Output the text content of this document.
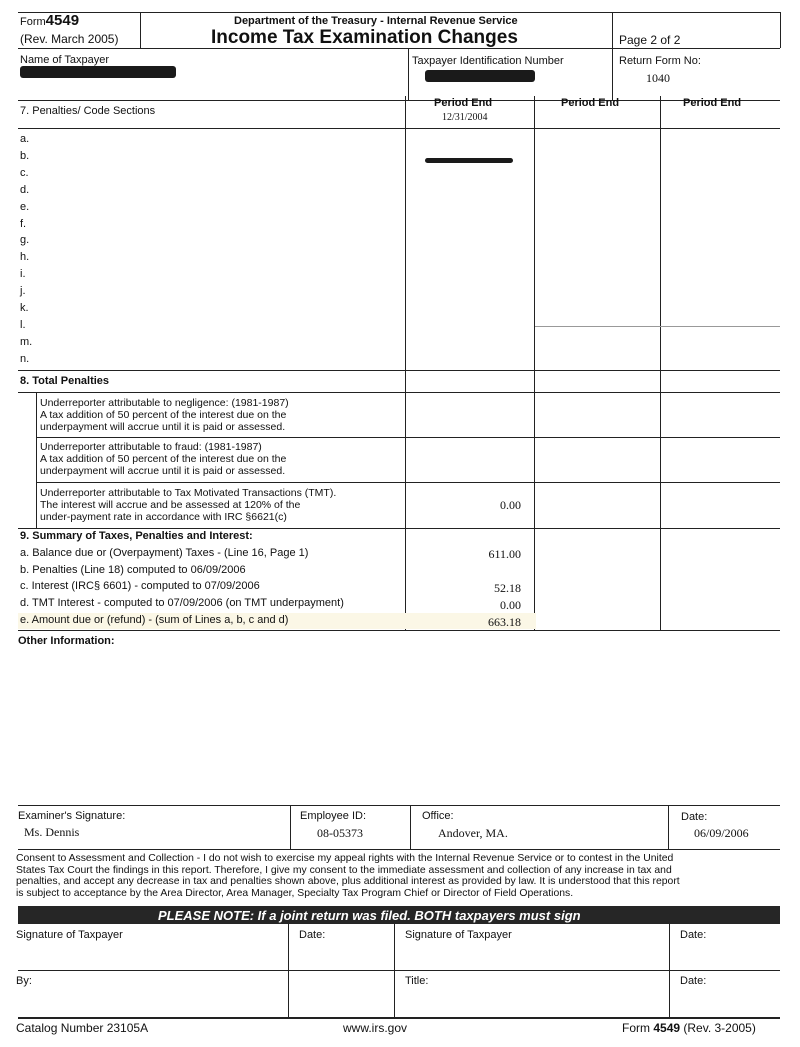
Form4549
(Rev. March 2005)
Department of the Treasury - Internal Revenue Service
Income Tax Examination Changes	Page 2 of 2
Name of Taxpayer	Taxpayer Identification Number	Return Form No:
1040
7. Penalties/ Code Sections
Period End
12/31/2004
Period End	Period End
a.
b.
c.
d.
e.
f.
g.
h.
i.
j.
k.
l.
m.
n.
8. Total Penalties
Underreporter attributable to negligence: (1981-1987)
A tax addition of 50 percent of the interest due on the
underpayment will accrue until it is paid or assessed.
Underreporter attributable to fraud: (1981-1987)
A tax addition of 50 percent of the interest due on the
underpayment will accrue until it is paid or assessed.
Underreporter attributable to Tax Motivated Transactions (TMT).
The interest will accrue and be assessed at 120% of the
under-payment rate in accordance with IRC §6621(c)
0.00
9. Summary of Taxes, Penalties and Interest:
a. Balance due or (Overpayment) Taxes - (Line 16, Page 1)	611.00
b. Penalties (Line 18) computed to 06/09/2006
c. Interest (IRC§ 6601) - computed to 07/09/2006	52.18
d. TMT Interest - computed to 07/09/2006 (on TMT underpayment)	0.00
e. Amount due or (refund) - (sum of Lines a, b, c and d)	663.18
Other Information:
Examiner's Signature:
Ms. Dennis
Employee ID:
08-05373
Office:
Andover, MA.
Date:
06/09/2006
Consent to Assessment and Collection - I do not wish to exercise my appeal rights with the Internal Revenue Service or to contest in the United
States Tax Court the findings in this report. Therefore, I give my consent to the immediate assessment and collection of any increase in tax and
penalties, and accept any decrease in tax and penalties shown above, plus additional interest as provided by law. It is understood that this report
is subject to acceptance by the Area Director, Area Manager, Specialty Tax Program Chief or Director of Field Operations.
PLEASE NOTE: If a joint return was filed. BOTH taxpayers must sign
Signature of Taxpayer	Date:	Signature of Taxpayer	Date:
By:	Title:	Date:
Catalog Number 23105A	www.irs.gov	Form 4549 (Rev. 3-2005)
